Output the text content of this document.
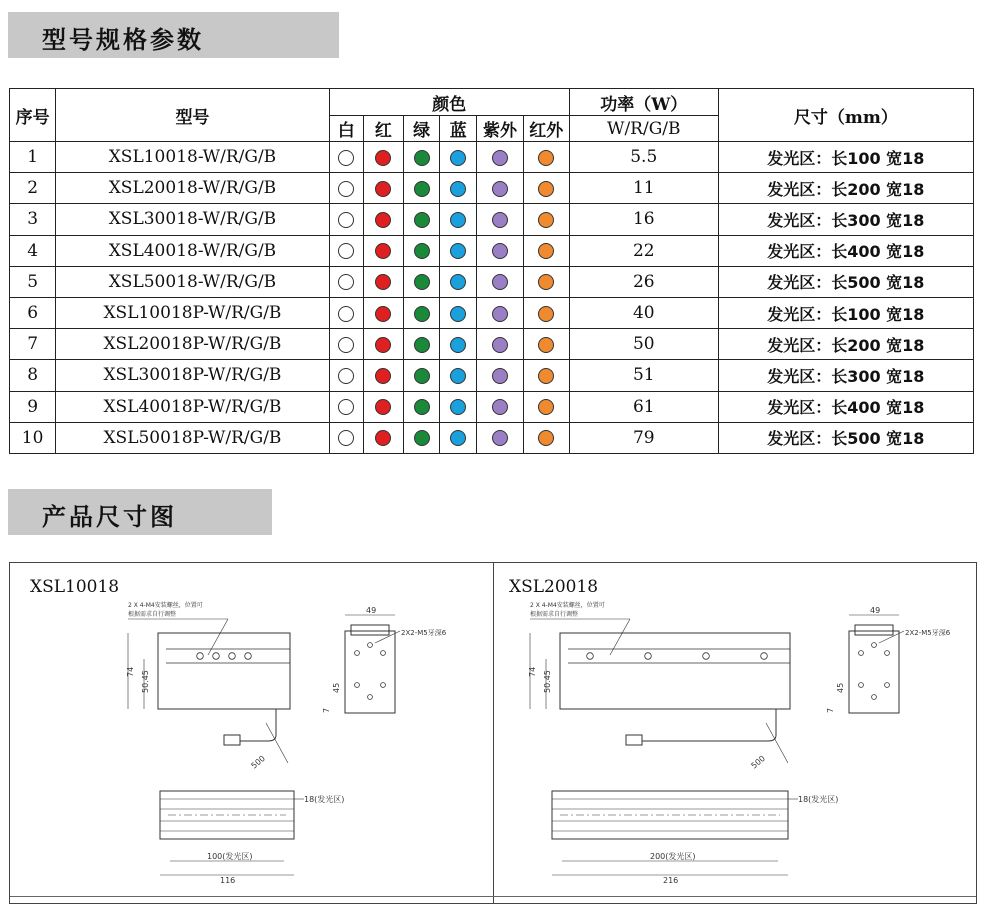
型号规格参数
序号	型号	颜色						功率（W）	尺寸（mm）
		白	红	绿	蓝	紫外	红外	W/R/G/B	
1	XSL10018-W/R/G/B							5.5	发光区：长100 宽18
2	XSL20018-W/R/G/B							11	发光区：长200 宽18
3	XSL30018-W/R/G/B							16	发光区：长300 宽18
4	XSL40018-W/R/G/B							22	发光区：长400 宽18
5	XSL50018-W/R/G/B							26	发光区：长500 宽18
6	XSL10018P-W/R/G/B							40	发光区：长100 宽18
7	XSL20018P-W/R/G/B							50	发光区：长200 宽18
8	XSL30018P-W/R/G/B							51	发光区：长300 宽18
9	XSL40018P-W/R/G/B							61	发光区：长400 宽18
10	XSL50018P-W/R/G/B							79	发光区：长500 宽18
产品尺寸图
XSL10018
2 X 4-M4安装螺丝，位置可
根据需求自行调整
74 50.45
500
49
2X2-M5牙深6
45
7
18(发光区)
100(发光区)
116
XSL20018
2 X 4-M4安装螺丝，位置可
根据需求自行调整
74 50.45
500
49
2X2-M5牙深6
45
7
18(发光区)
200(发光区)
216
